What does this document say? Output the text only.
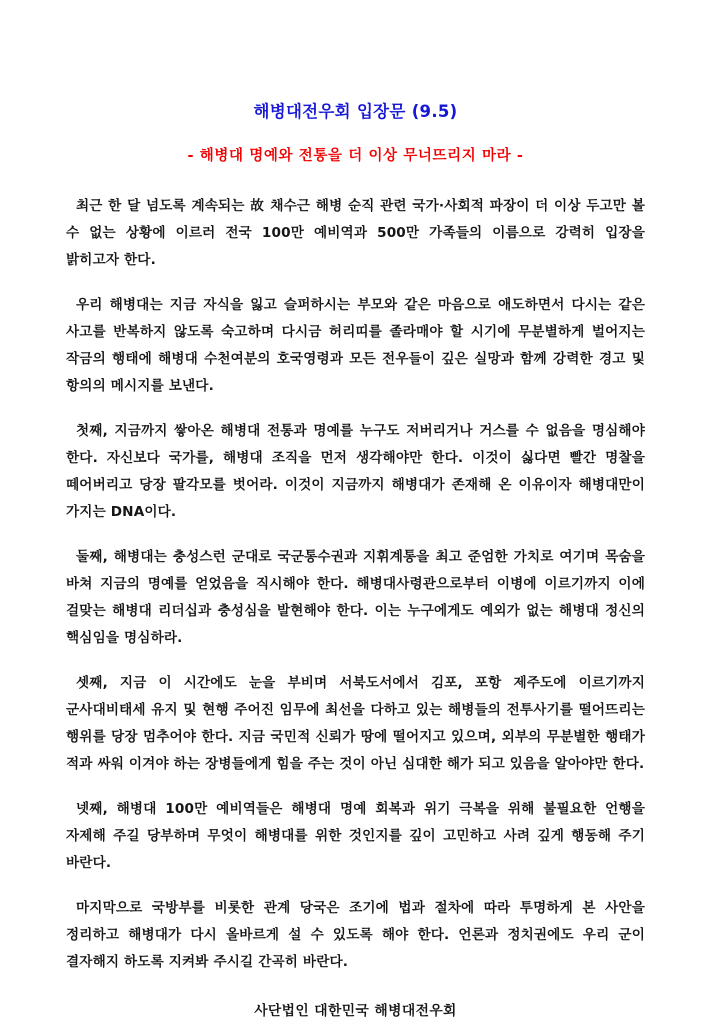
해병대전우회 입장문 (9.5)
- 해병대 명예와 전통을 더 이상 무너뜨리지 마라 -

최근 한 달 넘도록 계속되는 故 채수근 해병 순직 관련 국가·사회적 파장이 더 이상 두고만 볼 수 없는 상황에 이르러 전국 100만 예비역과 500만 가족들의 이름으로 강력히 입장을 밝히고자 한다.

우리 해병대는 지금 자식을 잃고 슬퍼하시는 부모와 같은 마음으로 애도하면서 다시는 같은 사고를 반복하지 않도록 숙고하며 다시금 허리띠를 졸라매야 할 시기에 무분별하게 벌어지는 작금의 행태에 해병대 수천여분의 호국영령과 모든 전우들이 깊은 실망과 함께 강력한 경고 및 항의의 메시지를 보낸다.

첫째, 지금까지 쌓아온 해병대 전통과 명예를 누구도 저버리거나 거스를 수 없음을 명심해야 한다. 자신보다 국가를, 해병대 조직을 먼저 생각해야만 한다. 이것이 싫다면 빨간 명찰을 떼어버리고 당장 팔각모를 벗어라. 이것이 지금까지 해병대가 존재해 온 이유이자 해병대만이 가지는 DNA이다.

둘째, 해병대는 충성스런 군대로 국군통수권과 지휘계통을 최고 준엄한 가치로 여기며 목숨을 바쳐 지금의 명예를 얻었음을 직시해야 한다. 해병대사령관으로부터 이병에 이르기까지 이에 걸맞는 해병대 리더십과 충성심을 발현해야 한다. 이는 누구에게도 예외가 없는 해병대 정신의 핵심임을 명심하라.

셋째, 지금 이 시간에도 눈을 부비며 서북도서에서 김포, 포항 제주도에 이르기까지 군사대비태세 유지 및 현행 주어진 임무에 최선을 다하고 있는 해병들의 전투사기를 떨어뜨리는 행위를 당장 멈추어야 한다. 지금 국민적 신뢰가 땅에 떨어지고 있으며, 외부의 무분별한 행태가 적과 싸워 이겨야 하는 장병들에게 힘을 주는 것이 아닌 심대한 해가 되고 있음을 알아야만 한다.

넷째, 해병대 100만 예비역들은 해병대 명예 회복과 위기 극복을 위해 불필요한 언행을 자제해 주길 당부하며 무엇이 해병대를 위한 것인지를 깊이 고민하고 사려 깊게 행동해 주기 바란다.

마지막으로 국방부를 비롯한 관계 당국은 조기에 법과 절차에 따라 투명하게 본 사안을 정리하고 해병대가 다시 올바르게 설 수 있도록 해야 한다. 언론과 정치권에도 우리 군이 결자해지 하도록 지켜봐 주시길 간곡히 바란다.

사단법인 대한민국 해병대전우회
